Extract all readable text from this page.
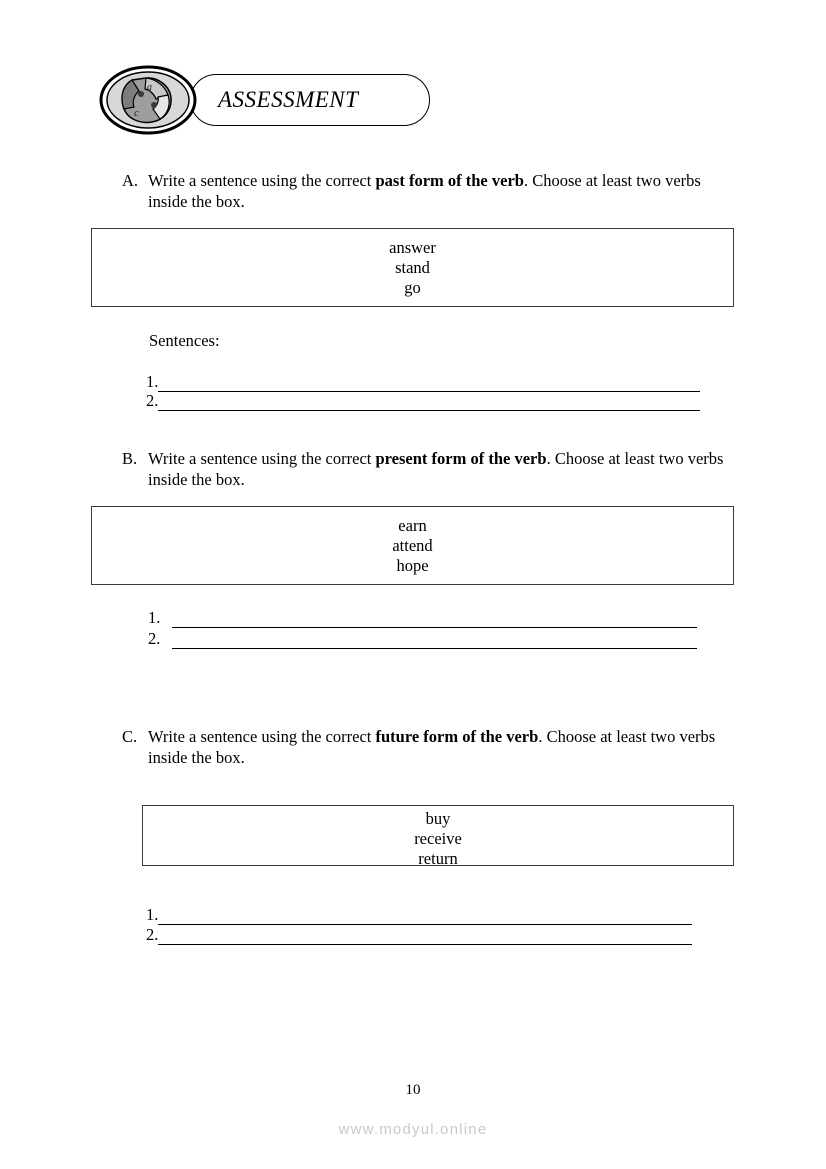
c
a	ASSESSMENT
A. Write a sentence using the correct past form of the verb. Choose at least two verbs inside the box.
answer
stand
go
Sentences:
1.
2.
B. Write a sentence using the correct present form of the verb. Choose at least two verbs inside the box.
earn
attend
hope
1.
2.
C. Write a sentence using the correct future form of the verb. Choose at least two verbs inside the box.
buy
receive
return
1.
2.
10
www.modyul.online
